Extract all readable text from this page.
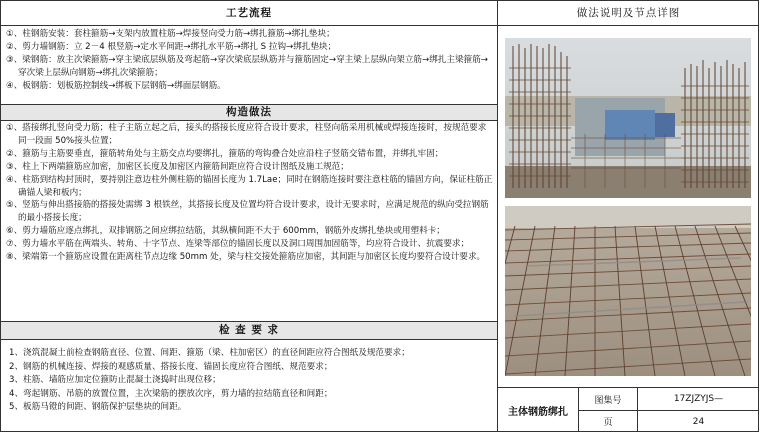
工艺流程	做法说明及节点详图

①、柱钢筋安装：套柱箍筋→支架内放置柱筋→焊接竖向受力筋→绑扎箍筋→绑扎垫块；

②、剪力墙钢筋：立 2－4 根竖筋→定水平间距→绑扎水平筋→绑扎 S 拉钩→绑扎垫块；

③、梁钢筋：放主次梁箍筋→穿主梁底层纵筋及弯起筋→穿次梁底层纵筋并与箍筋固定→穿主梁上层纵向架立筋→绑扎主梁箍筋→穿次梁上层纵向钢筋→绑扎次梁箍筋；

④、板钢筋：划板筋控制线→绑板下层钢筋→绑面层钢筋。

构造做法

①、搭接绑扎竖向受力筋；柱子主筋立起之后，接头的搭接长度应符合设计要求，柱竖向筋采用机械或焊接连接时，按规范要求同一段面 50%接头位置；

②、箍筋与主筋要垂直，箍筋转角处与主筋交点均要绑扎，箍筋的弯钩叠合处应沿柱子竖筋交错布置，并绑扎牢固；

③、柱上下两端箍筋应加密，加密区长度及加密区内箍筋间距应符合设计图纸及施工规范；

④、柱筋到结构封顶时，要持别注意边柱外侧柱筋的锚固长度为 1.7Lae；同时在钢筋连接时要注意柱筋的锚固方向，保证柱筋正确锚人梁和板内；

⑤、竖筋与伸出搭接筋的搭接处需绑 3 根铁丝，其搭接长度及位置均符合设计要求，设计无要求时，应满足规范的纵向受拉钢筋的最小搭接长度；

⑥、剪力墙筋应逐点绑扎，双排钢筋之间应绑拉结筋，其纵横间距不大于 600mm，钢筋外皮绑扎垫块或用塑料卡；

⑦、剪力墙水平筋在两端头、转角、十字节点、连梁等部位的锚固长度以及洞口周围加固筋等，均应符合设计、抗震要求；

⑧、梁端第一个箍筋应设置在距离柱节点边缘 50mm 处，梁与柱交接处箍筋应加密，其间距与加密区长度均要符合设计要求。

检 查 要 求

1、浇筑混凝土前检查钢筋直径、位置、间距、箍筋（梁、柱加密区）的直径间距应符合图纸及规范要求；

2、钢筋的机械连接、焊接的观感质量、搭接长度、锚固长度应符合图纸、规范要求；

3、柱筋、墙筋应加定位箍防止混凝土浇捣时出现位移；

4、弯起钢筋、吊筋的放置位置，主次梁筋的摆放次序，剪力墙的拉结筋直径和间距；

5、板筋马镫的间距、钢筋保护层垫块的间距。	主体钢筋绑扎
图集号	17ZJZYJS—
页	24
